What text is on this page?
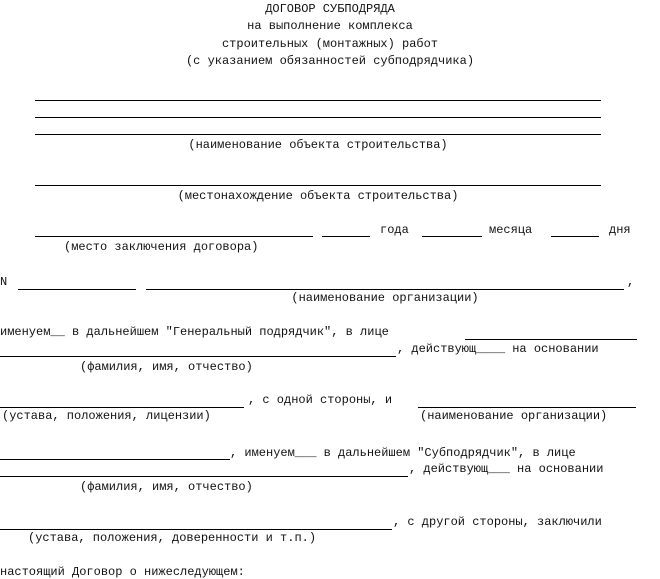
ДОГОВОР СУБПОДРЯДА
на выполнение комплекса
строительных (монтажных) работ
(с указанием обязанностей субподрядчика)
(наименование объекта строительства)
(местонахождение объекта строительства)
года	месяца	дня
(место заключения договора)
N	,
(наименование организации)
именуем__ в дальнейшем "Генеральный подрядчик", в лице
, действующ____ на основании
(фамилия, имя, отчество)
, с одной стороны, и
(устава, положения, лицензии)	(наименование организации)
, именуем___ в дальнейшем "Субподрядчик", в лице
, действующ___ на основании
(фамилия, имя, отчество)
, с другой стороны, заключили
(устава, положения, доверенности и т.п.)
настоящий Договор о нижеследующем:
